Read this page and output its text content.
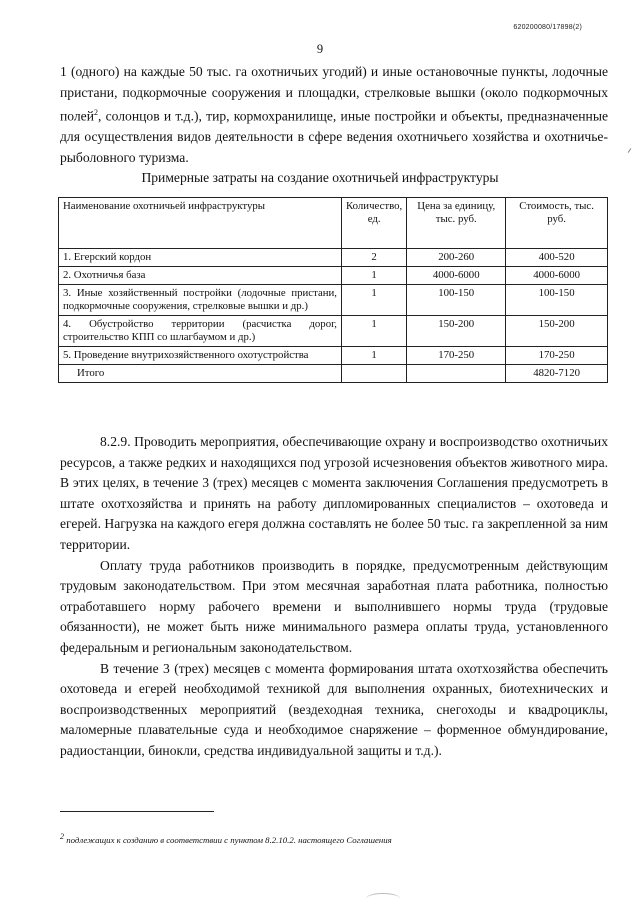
620200080/17898(2)
9

1 (одного) на каждые 50 тыс. га охотничьих угодий) и иные остановочные пункты, лодочные пристани, подкормочные сооружения и площадки, стрелковые вышки (около подкормочных полей$^2$, солонцов и т.д.), тир, кормохранилище, иные постройки и объекты, предназначенные для осуществления видов деятельности в сфере ведения охотничьего хозяйства и охотничье-рыболовного туризма.

Примерные затраты на создание охотничьей инфраструктуры
Наименование охотничьей инфраструктуры	Количество, ед.	Цена за единицу, тыс. руб.	Стоимость, тыс. руб.
1. Егерский кордон	2	200-260	400-520
2. Охотничья база	1	4000-6000	4000-6000
3. Иные хозяйственный постройки (лодочные пристани, подкормочные сооружения, стрелковые вышки и др.)	1	100-150	100-150
4. Обустройство территории (расчистка дорог, строительство КПП со шлагбаумом и др.)	1	150-200	150-200
5. Проведение внутрихозяйственного охотустройства	1	170-250	170-250
Итого			4820-7120

8.2.9. Проводить мероприятия, обеспечивающие охрану и воспроизводство охотничьих ресурсов, а также редких и находящихся под угрозой исчезновения объектов животного мира. В этих целях, в течение 3 (трех) месяцев с момента заключения Соглашения предусмотреть в штате охотхозяйства и принять на работу дипломированных специалистов – охотоведа и егерей. Нагрузка на каждого егеря должна составлять не более 50 тыс. га закрепленной за ним территории.

Оплату труда работников производить в порядке, предусмотренным действующим трудовым законодательством. При этом месячная заработная плата работника, полностью отработавшего норму рабочего времени и выполнившего нормы труда (трудовые обязанности), не может быть ниже минимального размера оплаты труда, установленного федеральным и региональным законодательством.

В течение 3 (трех) месяцев с момента формирования штата охотхозяйства обеспечить охотоведа и егерей необходимой техникой для выполнения охранных, биотехнических и воспроизводственных мероприятий (вездеходная техника, снегоходы и квадроциклы, маломерные плавательные суда и необходимое снаряжение – форменное обмундирование, радиостанции, бинокли, средства индивидуальной защиты и т.д.).

$^2$ подлежащих к созданию в соответствии с пунктом 8.2.10.2. настоящего Соглашения
